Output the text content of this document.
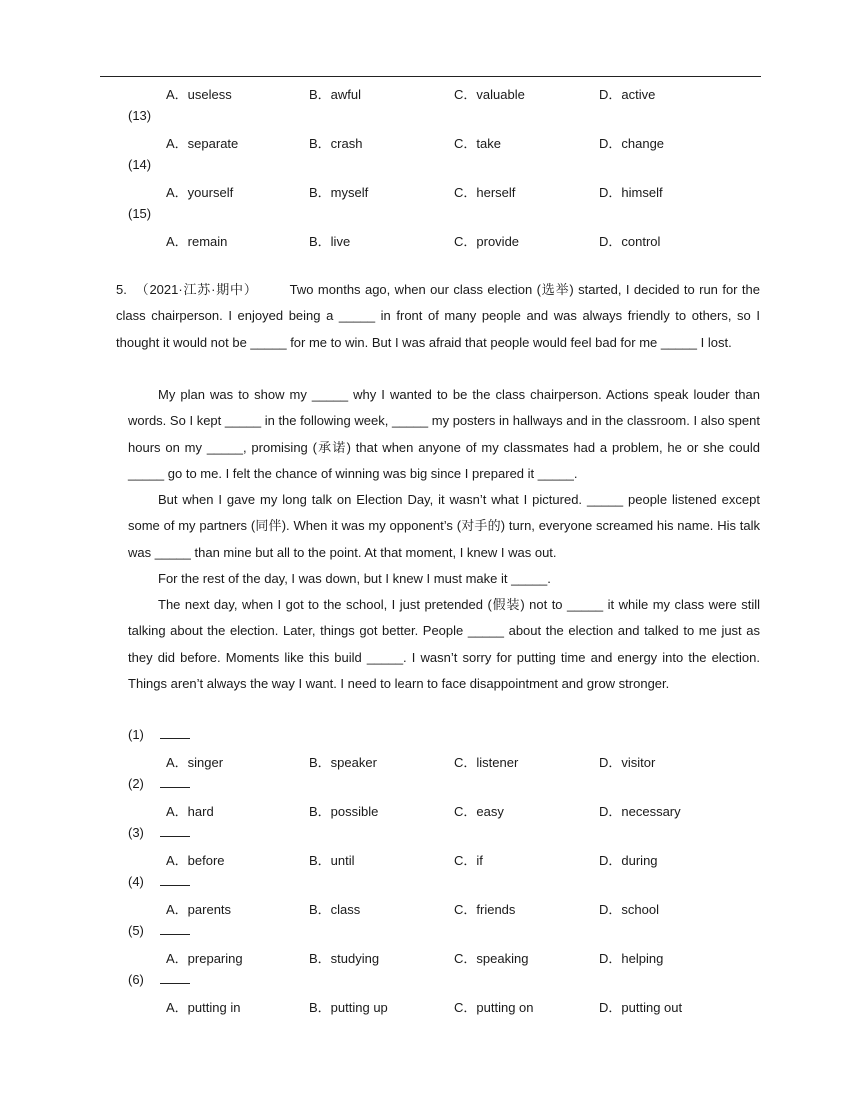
A．useless	B．awful	C．valuable	D．active
(13)
A．separate	B．crash	C．take	D．change
(14)
A．yourself	B．myself	C．herself	D．himself
(15)
A．remain	B．live	C．provide	D．control
5. （2021·江苏·期中） Two months ago, when our class election (选举) started, I decided to run for the class chairperson. I enjoyed being a _____ in front of many people and was always friendly to others, so I thought it would not be _____ for me to win. But I was afraid that people would feel bad for me _____ I lost.
My plan was to show my _____ why I wanted to be the class chairperson. Actions speak louder than words. So I kept _____ in the following week, _____ my posters in hallways and in the classroom. I also spent hours on my _____, promising (承诺) that when anyone of my classmates had a problem, he or she could _____ go to me. I felt the chance of winning was big since I prepared it _____.
But when I gave my long talk on Election Day, it wasn’t what I pictured. _____ people listened except some of my partners (同伴). When it was my opponent’s (对手的) turn, everyone screamed his name. His talk was _____ than mine but all to the point. At that moment, I knew I was out.
For the rest of the day, I was down, but I knew I must make it _____.
The next day, when I got to the school, I just pretended (假装) not to _____ it while my class were still talking about the election. Later, things got better. People _____ about the election and talked to me just as they did before. Moments like this build _____. I wasn’t sorry for putting time and energy into the election. Things aren’t always the way I want. I need to learn to face disappointment and grow stronger.
(1)
A．singer	B．speaker	C．listener	D．visitor
(2)
A．hard	B．possible	C．easy	D．necessary
(3)
A．before	B．until	C．if	D．during
(4)
A．parents	B．class	C．friends	D．school
(5)
A．preparing	B．studying	C．speaking	D．helping
(6)
A．putting in	B．putting up	C．putting on	D．putting out
